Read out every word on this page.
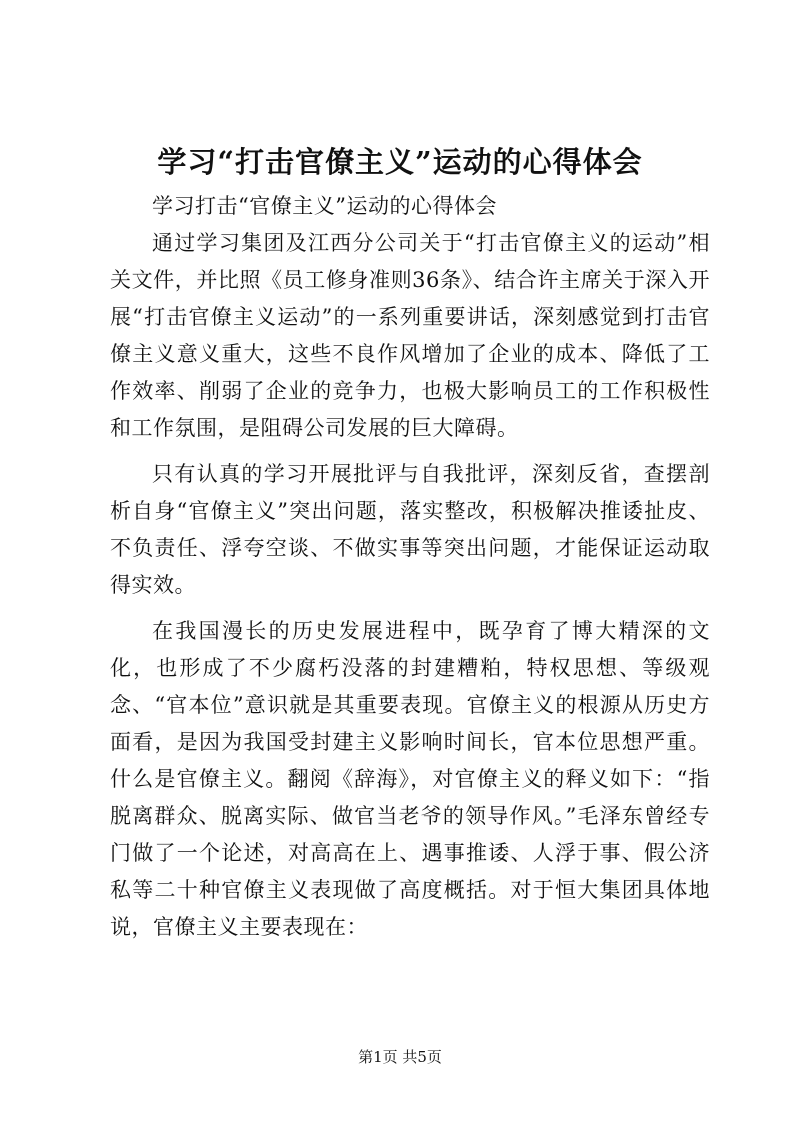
学习“打击官僚主义”运动的心得体会

学习打击“官僚主义”运动的心得体会

通过学习集团及江西分公司关于“打击官僚主义的运动”相关文件，并比照《员工修身准则36条》、结合许主席关于深入开展“打击官僚主义运动”的一系列重要讲话，深刻感觉到打击官僚主义意义重大，这些不良作风增加了企业的成本、降低了工作效率、削弱了企业的竞争力，也极大影响员工的工作积极性和工作氛围，是阻碍公司发展的巨大障碍。

只有认真的学习开展批评与自我批评，深刻反省，查摆剖析自身“官僚主义”突出问题，落实整改，积极解决推诿扯皮、不负责任、浮夸空谈、不做实事等突出问题，才能保证运动取得实效。

在我国漫长的历史发展进程中，既孕育了博大精深的文化，也形成了不少腐朽没落的封建糟粕，特权思想、等级观念、“官本位”意识就是其重要表现。官僚主义的根源从历史方面看，是因为我国受封建主义影响时间长，官本位思想严重。什么是官僚主义。翻阅《辞海》，对官僚主义的释义如下：“指脱离群众、脱离实际、做官当老爷的领导作风。”毛泽东曾经专门做了一个论述，对高高在上、遇事推诿、人浮于事、假公济私等二十种官僚主义表现做了高度概括。对于恒大集团具体地说，官僚主义主要表现在：

第1页 共5页
